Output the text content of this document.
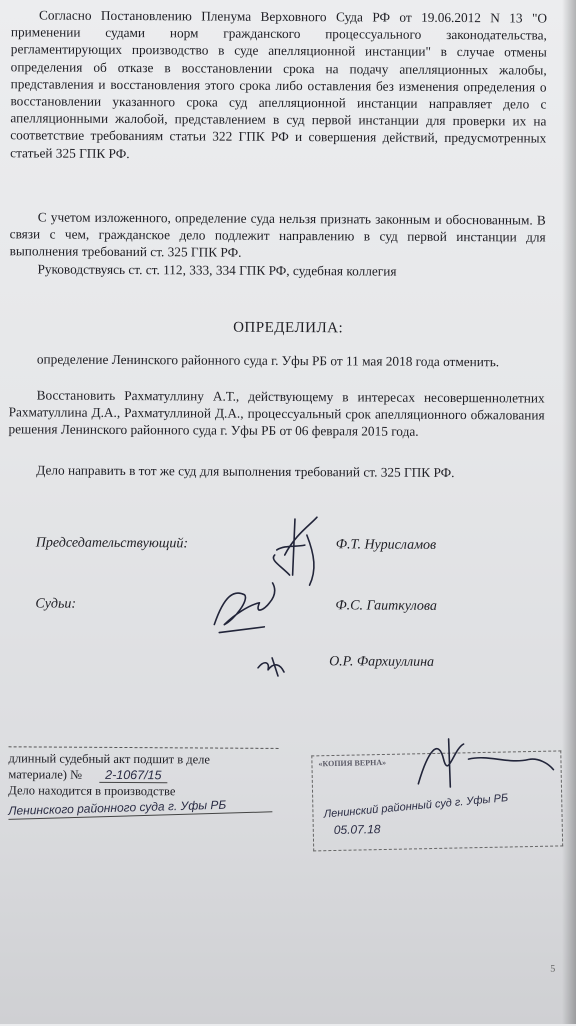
Согласно Постановлению Пленума Верховного Суда РФ от 19.06.2012 N 13 "О применении судами норм гражданского процессуального законодательства, регламентирующих производство в суде апелляционной инстанции" в случае отмены определения об отказе в восстановлении срока на подачу апелляционных жалобы, представления и восстановления этого срока либо оставления без изменения определения о восстановлении указанного срока суд апелляционной инстанции направляет дело с апелляционными жалобой, представлением в суд первой инстанции для проверки их на соответствие требованиям статьи 322 ГПК РФ и совершения действий, предусмотренных статьей 325 ГПК РФ.

С учетом изложенного, определение суда нельзя признать законным и обоснованным. В связи с чем, гражданское дело подлежит направлению в суд первой инстанции для выполнения требований ст. 325 ГПК РФ.

Руководствуясь ст. ст. 112, 333, 334 ГПК РФ, судебная коллегия

ОПРЕДЕЛИЛА:

определение Ленинского районного суда г. Уфы РБ от 11 мая 2018 года отменить.

Восстановить Рахматуллину А.Т., действующему в интересах несовершеннолетних Рахматуллина Д.А., Рахматуллиной Д.А., процессуальный срок апелляционного обжалования решения Ленинского районного суда г. Уфы РБ от 06 февраля 2015 года.

Дело направить в тот же суд для выполнения требований ст. 325 ГПК РФ.

Председательствующий:	Ф.Т. Нурисламов
Судьи:	Ф.С. Гаиткулова
О.Р. Фархиуллина
длинный судебный акт подшит в деле
материале) № 2-1067/15
Дело находится в производстве
Ленинского районного суда г. Уфы РБ
«КОПИЯ ВЕРНА»
Ленинский районный суд г. Уфы РБ
05.07.18
5
